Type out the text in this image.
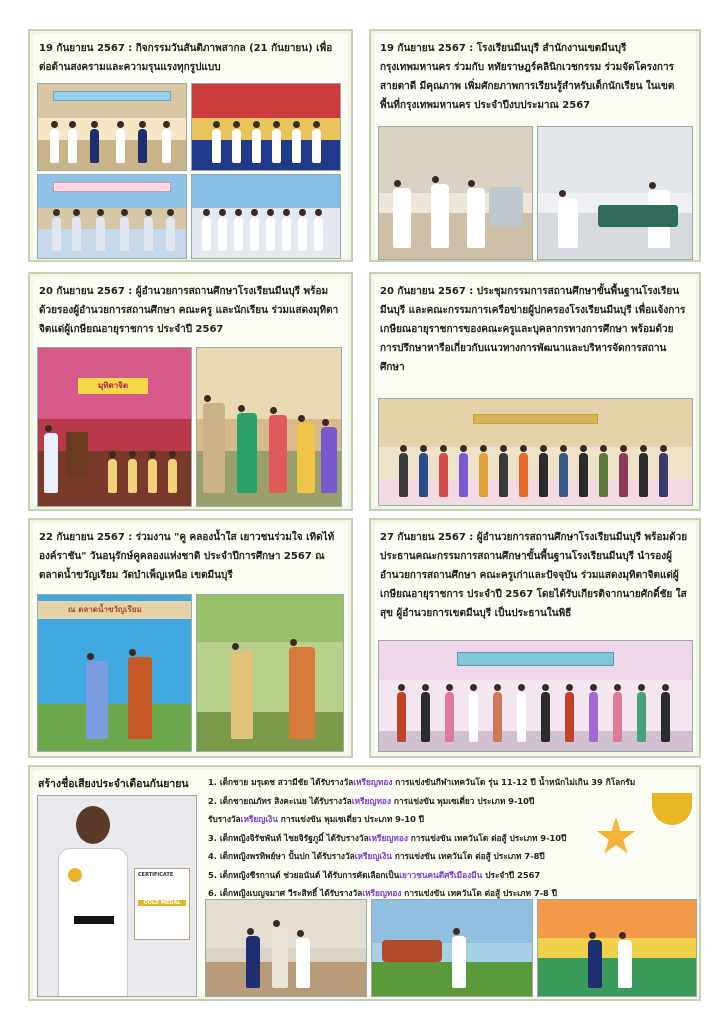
19 กันยายน 2567 : กิจกรรมวันสันติภาพสากล (21 กันยายน) เพื่อต่อต้านสงครามและความรุนแรงทุกรูปแบบ
19 กันยายน 2567 : โรงเรียนมีนบุรี สำนักงานเขตมีนบุรี กรุงเทพมหานคร ร่วมกับ หทัยราษฎร์คลินิกเวชกรรม ร่วมจัดโครงการสายตาดี มีคุณภาพ เพิ่มศักยภาพการเรียนรู้สำหรับเด็กนักเรียน ในเขตพื้นที่กรุงเทพมหานคร ประจำปีงบประมาณ 2567
20 กันยายน 2567 : ผู้อำนวยการสถานศึกษาโรงเรียนมีนบุรี พร้อมด้วยรองผู้อำนวยการสถานศึกษา คณะครู และนักเรียน ร่วมแสดงมุทิตาจิตแด่ผู้เกษียณอายุราชการ ประจำปี 2567
มุทิตาจิต
20 กันยายน 2567 : ประชุมกรรมการสถานศึกษาขั้นพื้นฐานโรงเรียนมีนบุรี และคณะกรรมการเครือข่ายผู้ปกครองโรงเรียนมีนบุรี เพื่อแจ้งการเกษียณอายุราชการของคณะครูและบุคลากรทางการศึกษา พร้อมด้วยการปรึกษาหารือเกี่ยวกับแนวทางการพัฒนาและบริหารจัดการสถานศึกษา
22 กันยายน 2567 : ร่วมงาน "คู คลองน้ำใส เยาวชนร่วมใจ เทิดไท้องค์ราชัน" วันอนุรักษ์คูคลองแห่งชาติ ประจำปีการศึกษา 2567 ณ ตลาดน้ำขวัญเรียม วัดบำเพ็ญเหนือ เขตมีนบุรี
ณ ตลาดน้ำขวัญเรียม
27 กันยายน 2567 : ผู้อำนวยการสถานศึกษาโรงเรียนมีนบุรี พร้อมด้วย ประธานคณะกรรมการสถานศึกษาขั้นพื้นฐานโรงเรียนมีนบุรี นำรองผู้อำนวยการสถานศึกษา คณะครูเก่าและปัจจุบัน ร่วมแสดงมุทิตาจิตแด่ผู้เกษียณอายุราชการ ประจำปี 2567 โดยได้รับเกียรติจากนายศักดิ์ชัย ใสสุข ผู้อำนวยการเขตมีนบุรี เป็นประธานในพิธี
สร้างชื่อเสียงประจำเดือนกันยายน
CERTIFICATE
GOLD MEDAL
1. เด็กชาย มรุเดช สวามีชัย ได้รับรางวัลเหรียญทอง การแข่งขันกีฬาเทควันโด รุ่น 11-12 ปี น้ำหนักไม่เกิน 39 กิโลกรัม
2. เด็กชายณภัทร สิงคะเนย ได้รับรางวัลเหรียญทอง การแข่งขัน พุมเซเดี่ยว ประเภท 9-10ปี
รับรางวัลเหรียญเงิน การแข่งขัน พุมเซเดี่ยว ประเภท 9-10 ปี
3. เด็กหญิงจิรัชพันท์ ไชยจิรัฐภูมิ์ ได้รับรางวัลเหรียญทอง การแข่งขัน เทควันโด ต่อสู้ ประเภท 9-10ปี
4. เด็กหญิงพรทิพย์ษา ปั้นปก ได้รับรางวัลเหรียญเงิน การแข่งขัน เทควันโด ต่อสู้ ประเภท 7-8ปี
5. เด็กหญิงชีรกานต์ ช่วยอนันต์ ได้รับการคัดเลือกเป็นเยาวชนคนดีศรีเมืองมีน ประจำปี 2567
6. เด็กหญิงเบญจมาศ วีระสิทธิ์ ได้รับรางวัลเหรียญทอง การแข่งขัน เทควันโด ต่อสู้ ประเภท 7-8 ปี
